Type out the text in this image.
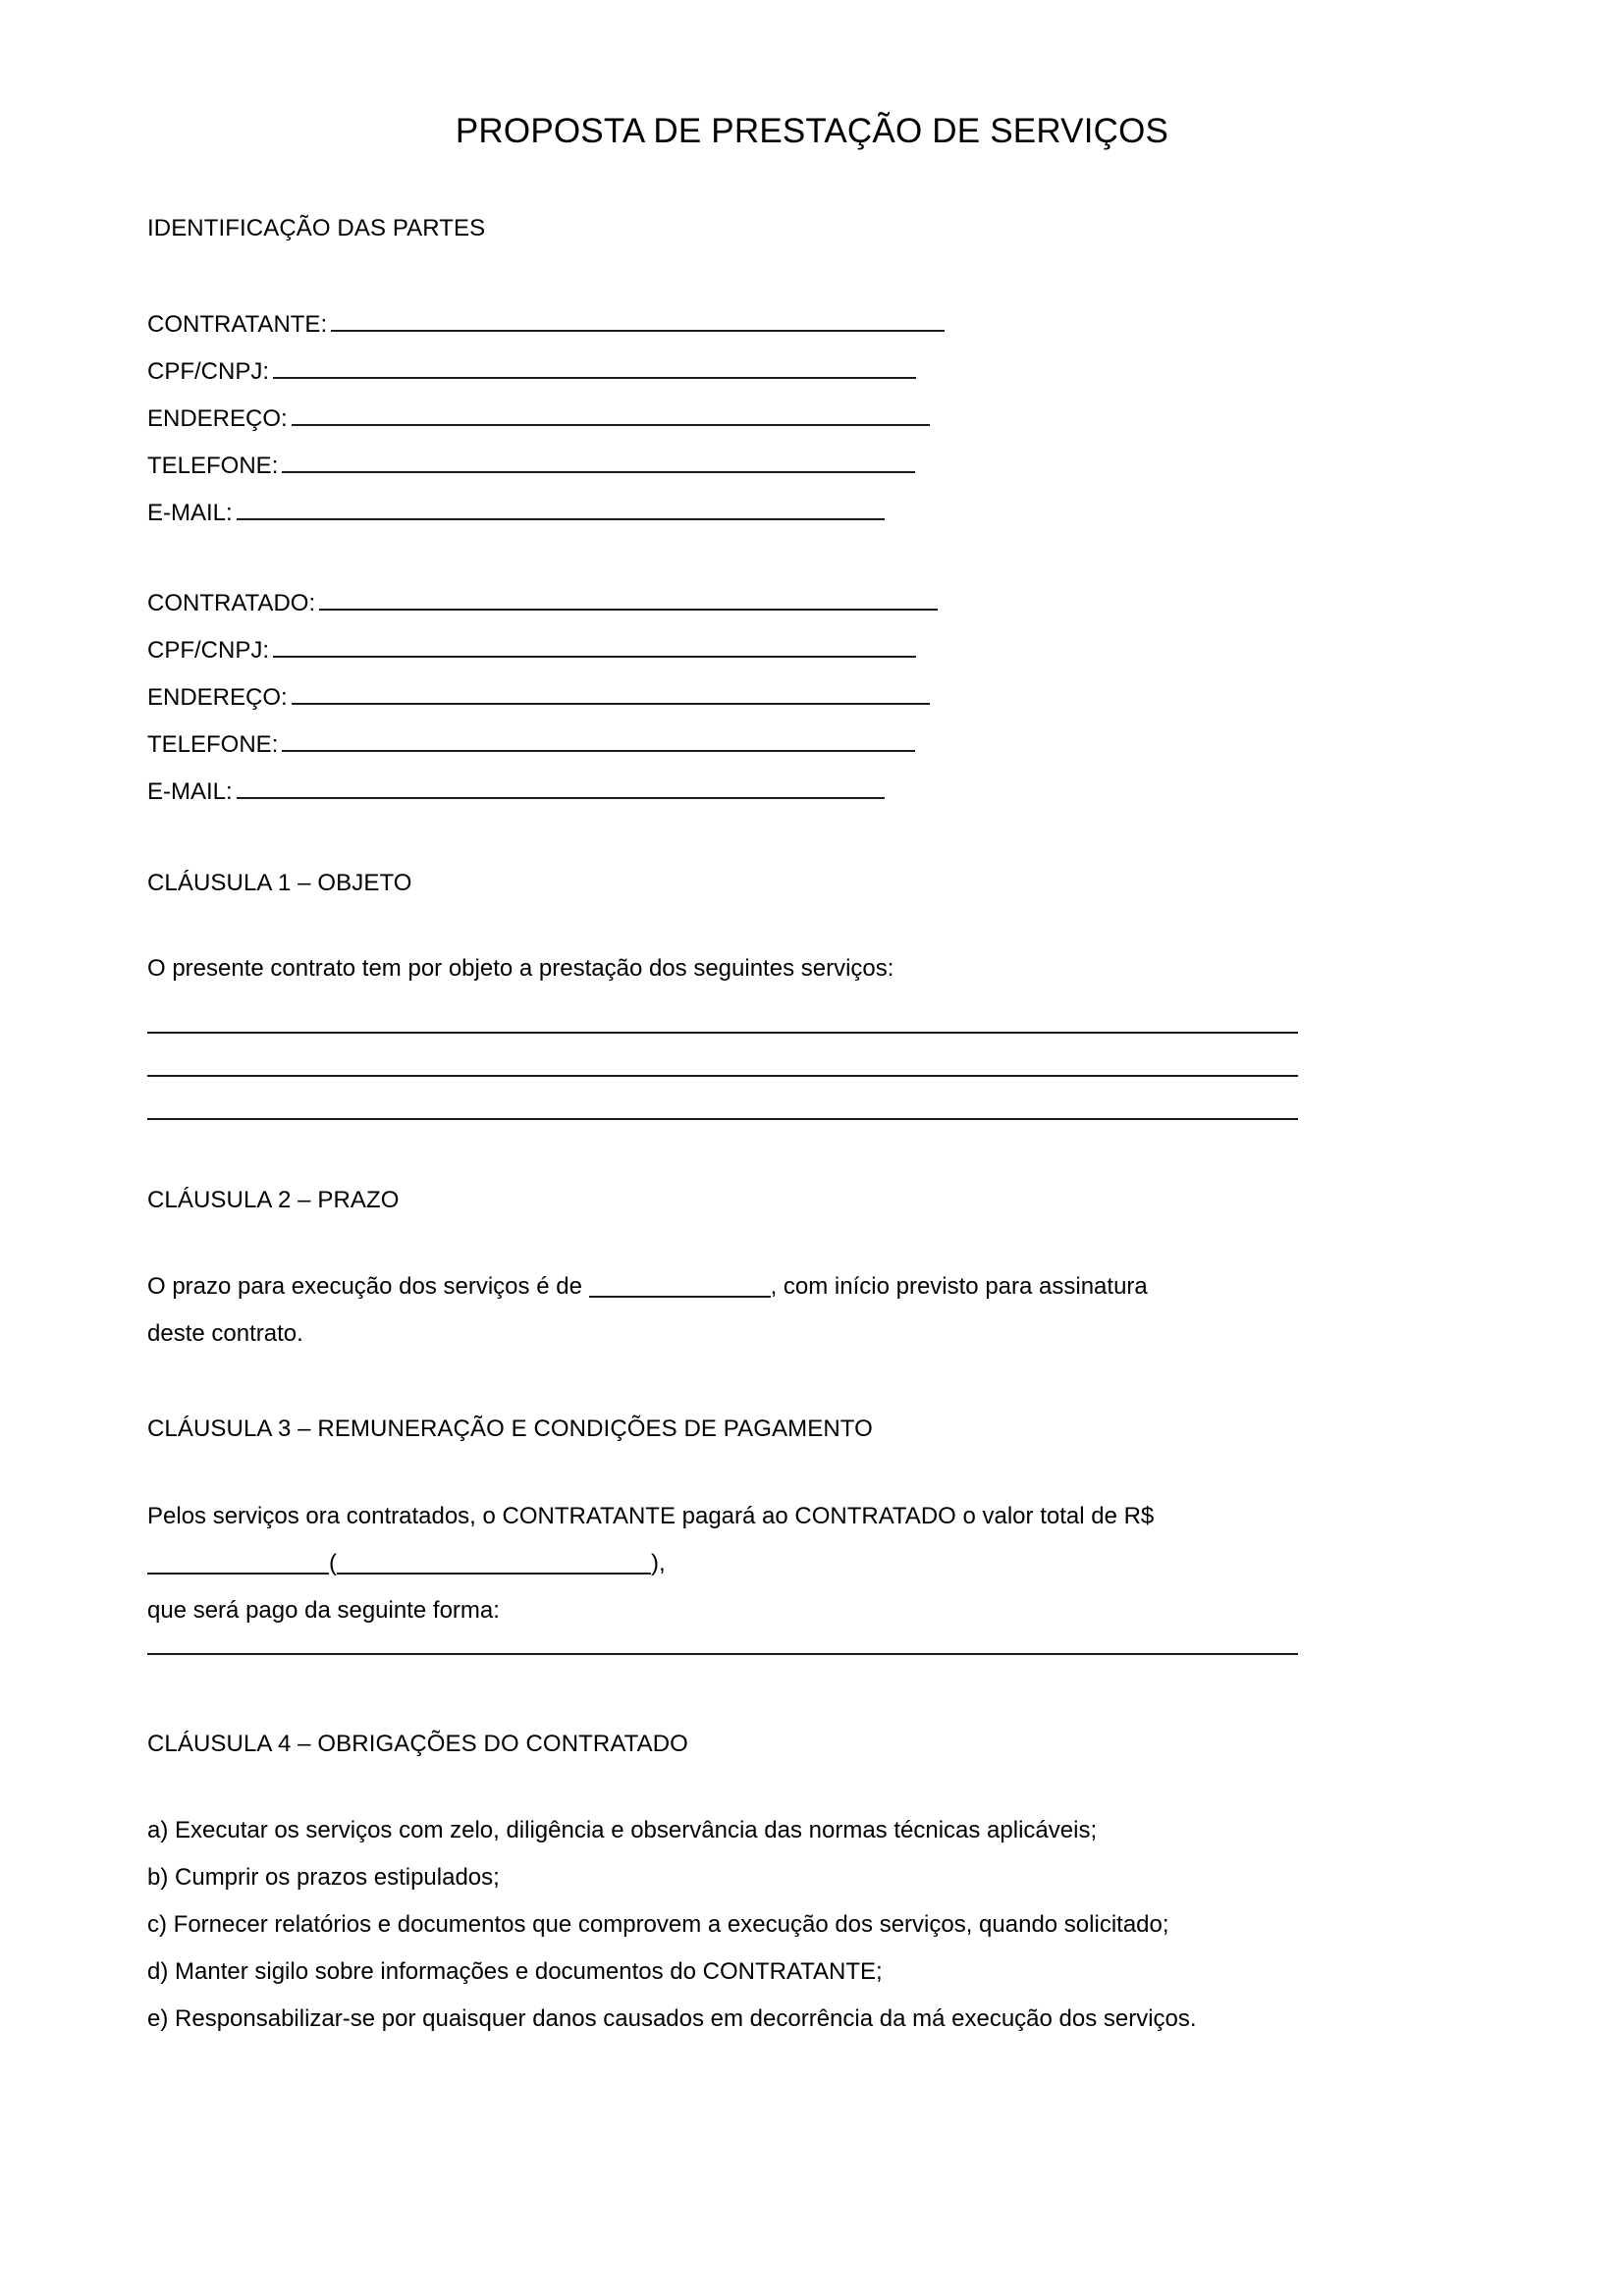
PROPOSTA DE PRESTAÇÃO DE SERVIÇOS
IDENTIFICAÇÃO DAS PARTES
CONTRATANTE:
CPF/CNPJ:
ENDEREÇO:
TELEFONE:
E-MAIL:
CONTRATADO:
CPF/CNPJ:
ENDEREÇO:
TELEFONE:
E-MAIL:
CLÁUSULA 1 – OBJETO
O presente contrato tem por objeto a prestação dos seguintes serviços:
CLÁUSULA 2 – PRAZO
O prazo para execução dos serviços é de	, com início previsto para assinatura
deste contrato.
CLÁUSULA 3 – REMUNERAÇÃO E CONDIÇÕES DE PAGAMENTO
Pelos serviços ora contratados, o CONTRATANTE pagará ao CONTRATADO o valor total de R$
(	),
que será pago da seguinte forma:
CLÁUSULA 4 – OBRIGAÇÕES DO CONTRATADO
a) Executar os serviços com zelo, diligência e observância das normas técnicas aplicáveis;
b) Cumprir os prazos estipulados;
c) Fornecer relatórios e documentos que comprovem a execução dos serviços, quando solicitado;
d) Manter sigilo sobre informações e documentos do CONTRATANTE;
e) Responsabilizar-se por quaisquer danos causados em decorrência da má execução dos serviços.
